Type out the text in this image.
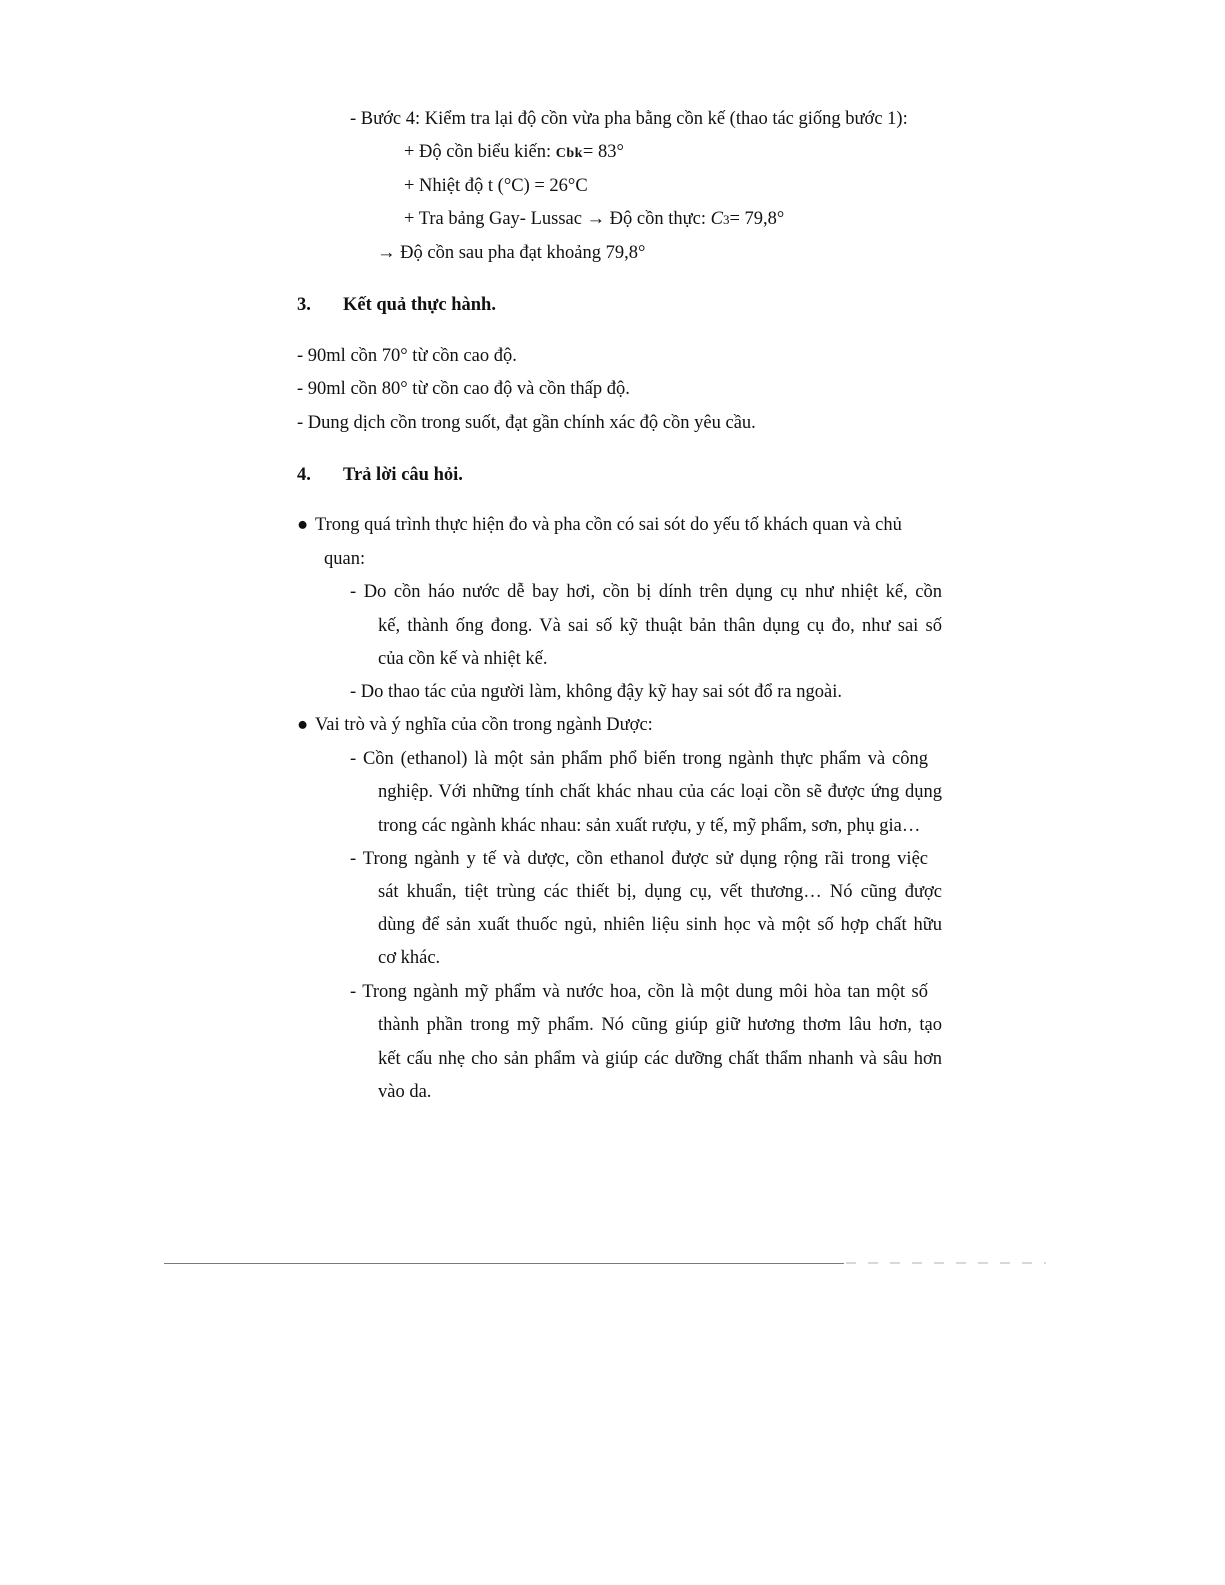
- Bước 4: Kiểm tra lại độ cồn vừa pha bằng cồn kế (thao tác giống bước 1):

+ Độ cồn biểu kiến: Cbk= 83°

+ Nhiệt độ t (°C) = 26°C

+ Tra bảng Gay- Lussac → Độ cồn thực: C3= 79,8°

→ Độ cồn sau pha đạt khoảng 79,8°

3. Kết quả thực hành.

- 90ml cồn 70° từ cồn cao độ.

- 90ml cồn 80° từ cồn cao độ và cồn thấp độ.

- Dung dịch cồn trong suốt, đạt gần chính xác độ cồn yêu cầu.

4. Trả lời câu hỏi.

● Trong quá trình thực hiện đo và pha cồn có sai sót do yếu tố khách quan và chủ

quan:

- Do cồn háo nước dễ bay hơi, cồn bị dính trên dụng cụ như nhiệt kế, cồn

kế, thành ống đong. Và sai số kỹ thuật bản thân dụng cụ đo, như sai số

của cồn kế và nhiệt kế.

- Do thao tác của người làm, không đậy kỹ hay sai sót đổ ra ngoài.

● Vai trò và ý nghĩa của cồn trong ngành Dược:

- Cồn (ethanol) là một sản phẩm phổ biến trong ngành thực phẩm và công

nghiệp. Với những tính chất khác nhau của các loại cồn sẽ được ứng dụng

trong các ngành khác nhau: sản xuất rượu, y tế, mỹ phẩm, sơn, phụ gia…

- Trong ngành y tế và dược, cồn ethanol được sử dụng rộng rãi trong việc

sát khuẩn, tiệt trùng các thiết bị, dụng cụ, vết thương… Nó cũng được

dùng để sản xuất thuốc ngủ, nhiên liệu sinh học và một số hợp chất hữu

cơ khác.

- Trong ngành mỹ phẩm và nước hoa, cồn là một dung môi hòa tan một số

thành phần trong mỹ phẩm. Nó cũng giúp giữ hương thơm lâu hơn, tạo

kết cấu nhẹ cho sản phẩm và giúp các dưỡng chất thẩm nhanh và sâu hơn

vào da.
